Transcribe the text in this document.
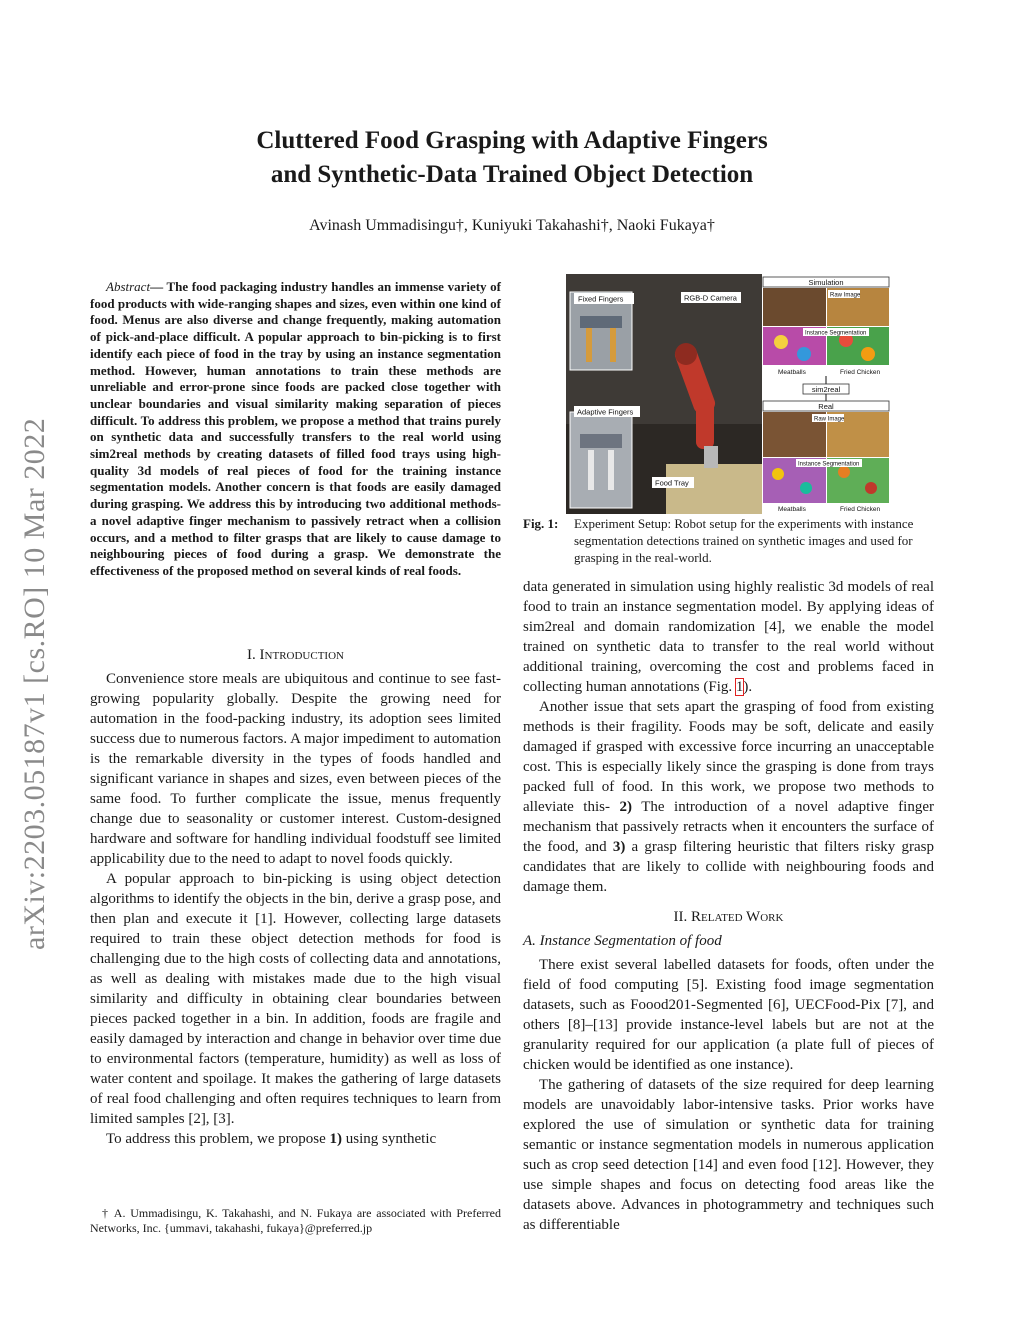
arXiv:2203.05187v1 [cs.RO] 10 Mar 2022
Cluttered Food Grasping with Adaptive Fingers
and Synthetic-Data Trained Object Detection
Avinash Ummadisingu†, Kuniyuki Takahashi†, Naoki Fukaya†
Abstract— The food packaging industry handles an immense variety of food products with wide-ranging shapes and sizes, even within one kind of food. Menus are also diverse and change frequently, making automation of pick-and-place difficult. A popular approach to bin-picking is to first identify each piece of food in the tray by using an instance segmentation method. However, human annotations to train these methods are unreliable and error-prone since foods are packed close together with unclear boundaries and visual similarity making separation of pieces difficult. To address this problem, we propose a method that trains purely on synthetic data and successfully transfers to the real world using sim2real methods by creating datasets of filled food trays using high-quality 3d models of real pieces of food for the training instance segmentation models. Another concern is that foods are easily damaged during grasping. We address this by introducing two additional methods- a novel adaptive finger mechanism to passively retract when a collision occurs, and a method to filter grasps that are likely to cause damage to neighbouring pieces of food during a grasp. We demonstrate the effectiveness of the proposed method on several kinds of real foods.
I. Introduction

Convenience store meals are ubiquitous and continue to see fast-growing popularity globally. Despite the growing need for automation in the food-packing industry, its adoption sees limited success due to numerous factors. A major impediment to automation is the remarkable diversity in the types of foods handled and significant variance in shapes and sizes, even between pieces of the same food. To further complicate the issue, menus frequently change due to seasonality or customer interest. Custom-designed hardware and software for handling individual foodstuff see limited applicability due to the need to adapt to novel foods quickly.

A popular approach to bin-picking is using object detection algorithms to identify the objects in the bin, derive a grasp pose, and then plan and execute it [1]. However, collecting large datasets required to train these object detection methods for food is challenging due to the high costs of collecting data and annotations, as well as dealing with mistakes made due to the high visual similarity and difficulty in obtaining clear boundaries between pieces packed together in a bin. In addition, foods are fragile and easily damaged by interaction and change in behavior over time due to environmental factors (temperature, humidity) as well as loss of water content and spoilage. It makes the gathering of large datasets of real food challenging and often requires techniques to learn from limited samples [2], [3].

To address this problem, we propose 1) using synthetic

† A. Ummadisingu, K. Takahashi, and N. Fukaya are associated with Preferred Networks, Inc. {ummavi, takahashi, fukaya}@preferred.jp
Fixed Fingers	RGB-D Camera
Adaptive Fingers
Food Tray
Simulation
Raw Image
Instance Segmentation
Meatballs	Fried Chicken
sim2real
Real
Raw Image
Instance Segmentation
Meatballs	Fried Chicken
Fig. 1:	Experiment Setup: Robot setup for the experiments with instance segmentation detections trained on synthetic images and used for grasping in the real-world.

data generated in simulation using highly realistic 3d models of real food to train an instance segmentation model. By applying ideas of sim2real and domain randomization [4], we enable the model trained on synthetic data to transfer to the real world without additional training, overcoming the cost and problems faced in collecting human annotations (Fig. 1).

Another issue that sets apart the grasping of food from existing methods is their fragility. Foods may be soft, delicate and easily damaged if grasped with excessive force incurring an unacceptable cost. This is especially likely since the grasping is done from trays packed full of food. In this work, we propose two methods to alleviate this- 2) The introduction of a novel adaptive finger mechanism that passively retracts when it encounters the surface of the food, and 3) a grasp filtering heuristic that filters risky grasp candidates that are likely to collide with neighbouring foods and damage them.

II. Related Work
A. Instance Segmentation of food

There exist several labelled datasets for foods, often under the field of food computing [5]. Existing food image segmentation datasets, such as Foood201-Segmented [6], UECFood-Pix [7], and others [8]–[13] provide instance-level labels but are not at the granularity required for our application (a plate full of pieces of chicken would be identified as one instance).

The gathering of datasets of the size required for deep learning models are unavoidably labor-intensive tasks. Prior works have explored the use of simulation or synthetic data for training semantic or instance segmentation models in numerous application such as crop seed detection [14] and even food [12]. However, they use simple shapes and focus on detecting food areas like the datasets above. Advances in photogrammetry and techniques such as differentiable
